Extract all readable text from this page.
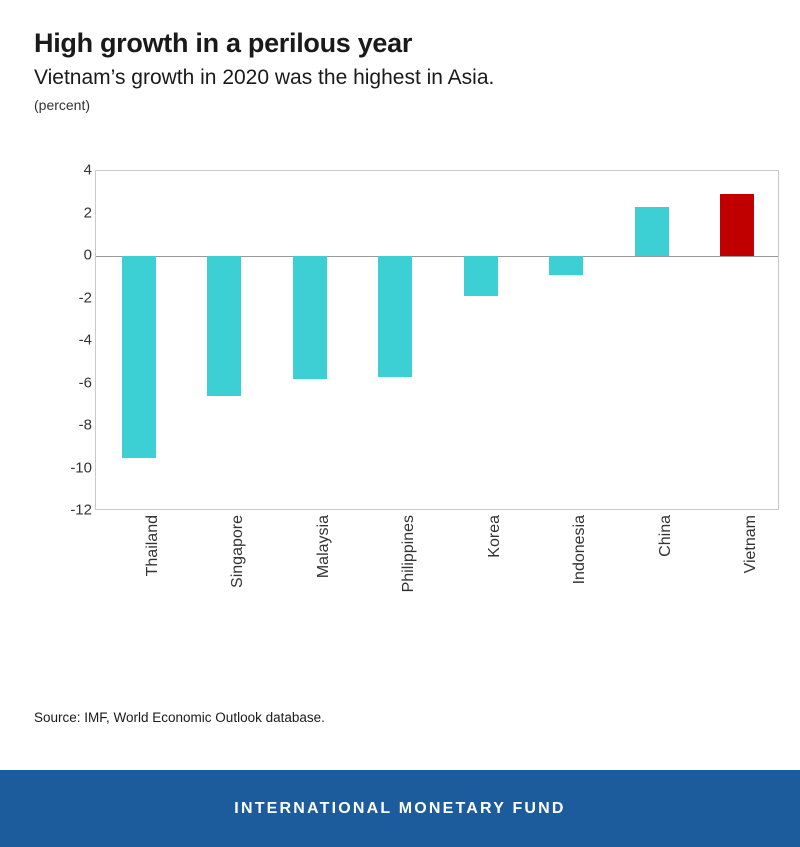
High growth in a perilous year
Vietnam’s growth in 2020 was the highest in Asia.
(percent)
4
2
0
-2
-4
-6
-8
-10
-12
Thailand	Singapore	Malaysia	Philippines	Korea	Indonesia	China	Vietnam
Source: IMF, World Economic Outlook database.
INTERNATIONAL MONETARY FUND
